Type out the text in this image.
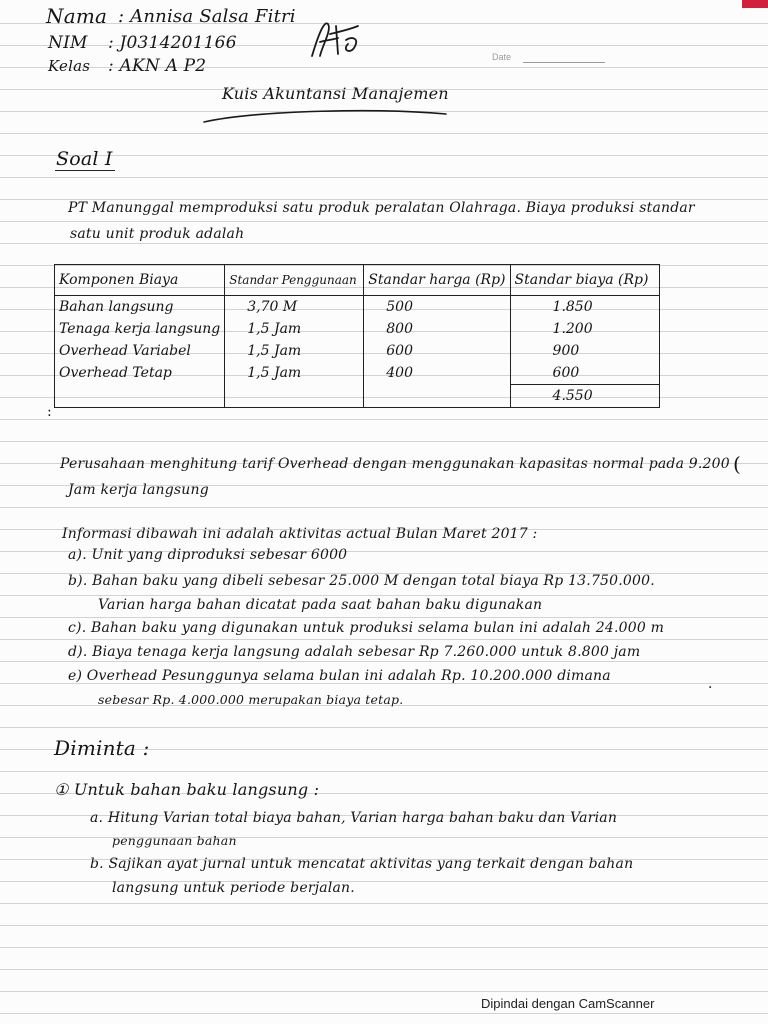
Nama : Annisa Salsa Fitri
NIM : J0314201166
Kelas : AKN A P2	Date
Kuis Akuntansi Manajemen
Soal I
PT Manunggal memproduksi satu produk peralatan Olahraga. Biaya produksi standar
satu unit produk adalah
Komponen Biaya	Standar Penggunaan	Standar harga (Rp)	Standar biaya (Rp)
Bahan langsung	3,70 M	500	1.850
Tenaga kerja langsung	1,5 Jam	800	1.200
Overhead Variabel	1,5 Jam	600	900
Overhead Tetap	1,5 Jam	400	600
			4.550
:
Perusahaan menghitung tarif Overhead dengan menggunakan kapasitas normal pada 9.200
Jam kerja langsung
(
Informasi dibawah ini adalah aktivitas actual Bulan Maret 2017 :
a). Unit yang diproduksi sebesar 6000
b). Bahan baku yang dibeli sebesar 25.000 M dengan total biaya Rp 13.750.000.
Varian harga bahan dicatat pada saat bahan baku digunakan
c). Bahan baku yang digunakan untuk produksi selama bulan ini adalah 24.000 m
d). Biaya tenaga kerja langsung adalah sebesar Rp 7.260.000 untuk 8.800 jam
e) Overhead Pesunggunya selama bulan ini adalah Rp. 10.200.000 dimana
·
sebesar Rp. 4.000.000 merupakan biaya tetap.
Diminta :
① Untuk bahan baku langsung :
a. Hitung Varian total biaya bahan, Varian harga bahan baku dan Varian
penggunaan bahan
b. Sajikan ayat jurnal untuk mencatat aktivitas yang terkait dengan bahan
langsung untuk periode berjalan.
Dipindai dengan CamScanner
